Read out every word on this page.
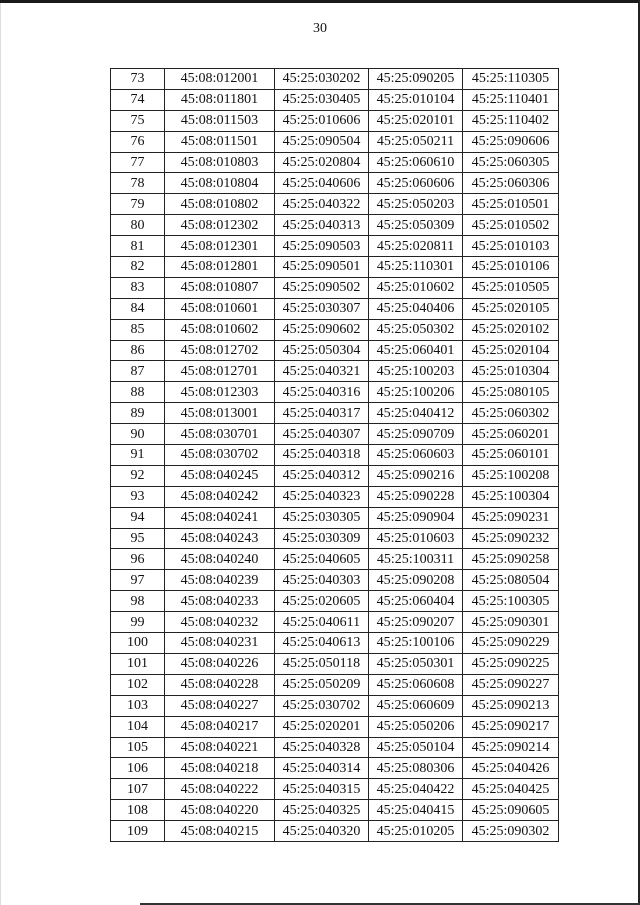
30
73	45:08:012001	45:25:030202	45:25:090205	45:25:110305
74	45:08:011801	45:25:030405	45:25:010104	45:25:110401
75	45:08:011503	45:25:010606	45:25:020101	45:25:110402
76	45:08:011501	45:25:090504	45:25:050211	45:25:090606
77	45:08:010803	45:25:020804	45:25:060610	45:25:060305
78	45:08:010804	45:25:040606	45:25:060606	45:25:060306
79	45:08:010802	45:25:040322	45:25:050203	45:25:010501
80	45:08:012302	45:25:040313	45:25:050309	45:25:010502
81	45:08:012301	45:25:090503	45:25:020811	45:25:010103
82	45:08:012801	45:25:090501	45:25:110301	45:25:010106
83	45:08:010807	45:25:090502	45:25:010602	45:25:010505
84	45:08:010601	45:25:030307	45:25:040406	45:25:020105
85	45:08:010602	45:25:090602	45:25:050302	45:25:020102
86	45:08:012702	45:25:050304	45:25:060401	45:25:020104
87	45:08:012701	45:25:040321	45:25:100203	45:25:010304
88	45:08:012303	45:25:040316	45:25:100206	45:25:080105
89	45:08:013001	45:25:040317	45:25:040412	45:25:060302
90	45:08:030701	45:25:040307	45:25:090709	45:25:060201
91	45:08:030702	45:25:040318	45:25:060603	45:25:060101
92	45:08:040245	45:25:040312	45:25:090216	45:25:100208
93	45:08:040242	45:25:040323	45:25:090228	45:25:100304
94	45:08:040241	45:25:030305	45:25:090904	45:25:090231
95	45:08:040243	45:25:030309	45:25:010603	45:25:090232
96	45:08:040240	45:25:040605	45:25:100311	45:25:090258
97	45:08:040239	45:25:040303	45:25:090208	45:25:080504
98	45:08:040233	45:25:020605	45:25:060404	45:25:100305
99	45:08:040232	45:25:040611	45:25:090207	45:25:090301
100	45:08:040231	45:25:040613	45:25:100106	45:25:090229
101	45:08:040226	45:25:050118	45:25:050301	45:25:090225
102	45:08:040228	45:25:050209	45:25:060608	45:25:090227
103	45:08:040227	45:25:030702	45:25:060609	45:25:090213
104	45:08:040217	45:25:020201	45:25:050206	45:25:090217
105	45:08:040221	45:25:040328	45:25:050104	45:25:090214
106	45:08:040218	45:25:040314	45:25:080306	45:25:040426
107	45:08:040222	45:25:040315	45:25:040422	45:25:040425
108	45:08:040220	45:25:040325	45:25:040415	45:25:090605
109	45:08:040215	45:25:040320	45:25:010205	45:25:090302
